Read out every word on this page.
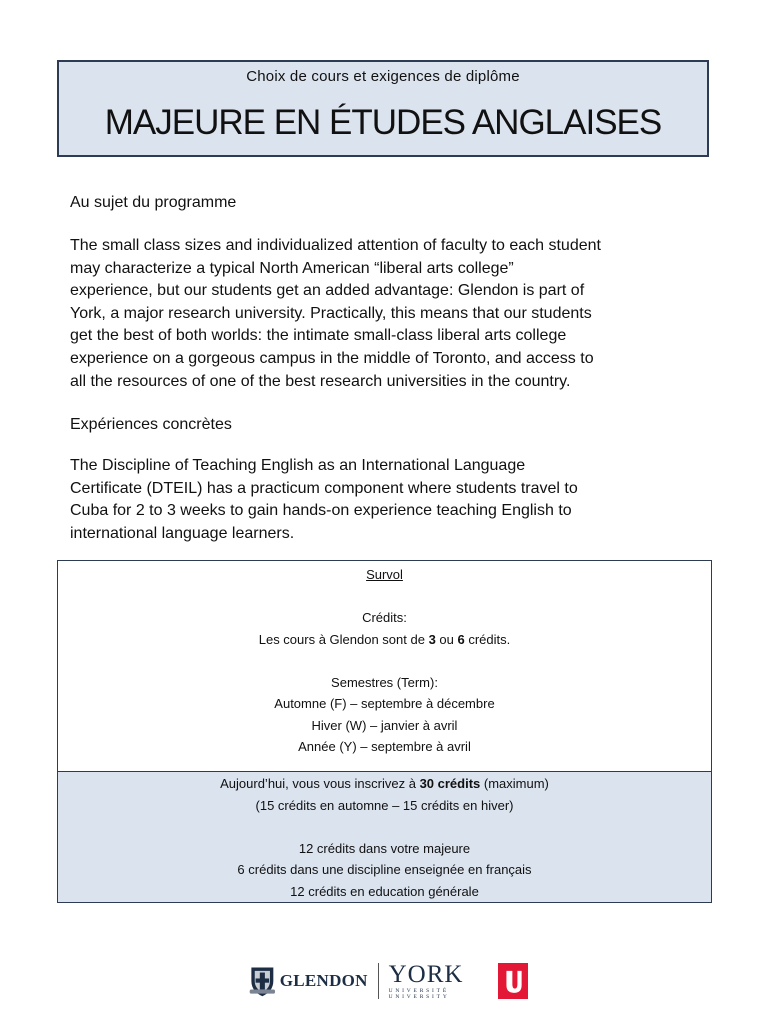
Choix de cours et exigences de diplôme
MAJEURE EN ÉTUDES ANGLAISES
Au sujet du programme
The small class sizes and individualized attention of faculty to each student
may characterize a typical North American “liberal arts college”
experience, but our students get an added advantage: Glendon is part of
York, a major research university. Practically, this means that our students
get the best of both worlds: the intimate small-class liberal arts college
experience on a gorgeous campus in the middle of Toronto, and access to
all the resources of one of the best research universities in the country.
Expériences concrètes
The Discipline of Teaching English as an International Language
Certificate (DTEIL) has a practicum component where students travel to
Cuba for 2 to 3 weeks to gain hands-on experience teaching English to
international language learners.
Survol
Crédits:
Les cours à Glendon sont de 3 ou 6 crédits.
Semestres (Term):
Automne (F) – septembre à décembre
Hiver (W) – janvier à avril
Année (Y) – septembre à avril
Aujourd’hui, vous vous inscrivez à 30 crédits (maximum)
(15 crédits en automne – 15 crédits en hiver)
12 crédits dans votre majeure
6 crédits dans une discipline enseignée en français
12 crédits en education générale
GLENDON YORK
UNIVERSITÉ UNIVERSITY
